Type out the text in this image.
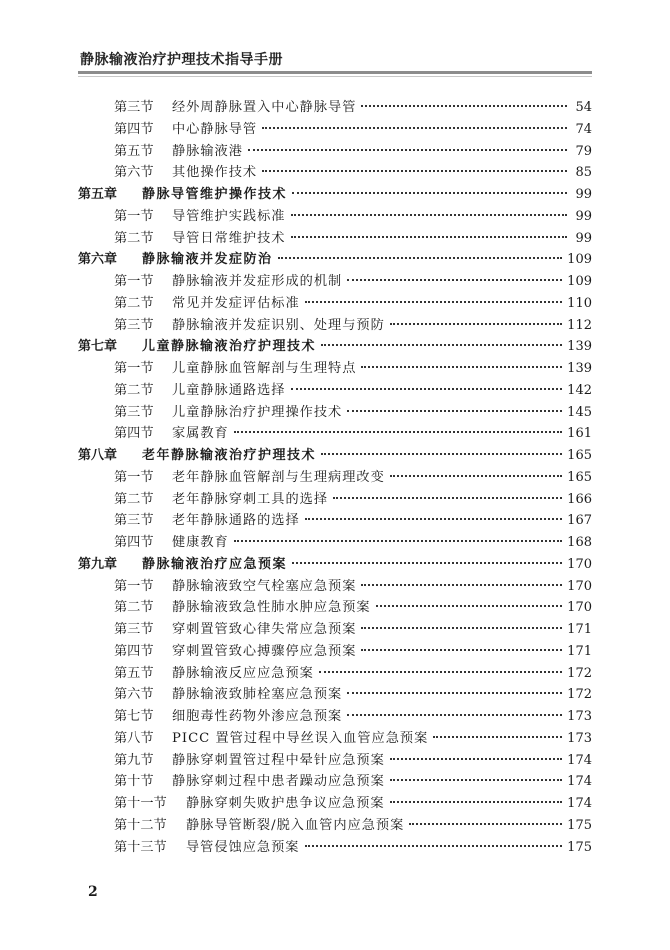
静脉输液治疗护理技术指导手册
第三节	经外周静脉置入中心静脉导管	54
第四节	中心静脉导管	74
第五节	静脉输液港	79
第六节	其他操作技术	85
第五章	静脉导管维护操作技术	99
第一节	导管维护实践标准	99
第二节	导管日常维护技术	99
第六章	静脉输液并发症防治	109
第一节	静脉输液并发症形成的机制	109
第二节	常见并发症评估标准	110
第三节	静脉输液并发症识别、处理与预防	112
第七章	儿童静脉输液治疗护理技术	139
第一节	儿童静脉血管解剖与生理特点	139
第二节	儿童静脉通路选择	142
第三节	儿童静脉治疗护理操作技术	145
第四节	家属教育	161
第八章	老年静脉输液治疗护理技术	165
第一节	老年静脉血管解剖与生理病理改变	165
第二节	老年静脉穿刺工具的选择	166
第三节	老年静脉通路的选择	167
第四节	健康教育	168
第九章	静脉输液治疗应急预案	170
第一节	静脉输液致空气栓塞应急预案	170
第二节	静脉输液致急性肺水肿应急预案	170
第三节	穿刺置管致心律失常应急预案	171
第四节	穿刺置管致心搏骤停应急预案	171
第五节	静脉输液反应应急预案	172
第六节	静脉输液致肺栓塞应急预案	172
第七节	细胞毒性药物外渗应急预案	173
第八节	PICC 置管过程中导丝误入血管应急预案	173
第九节	静脉穿刺置管过程中晕针应急预案	174
第十节	静脉穿刺过程中患者躁动应急预案	174
第十一节	静脉穿刺失败护患争议应急预案	174
第十二节	静脉导管断裂/脱入血管内应急预案	175
第十三节	导管侵蚀应急预案	175
2
